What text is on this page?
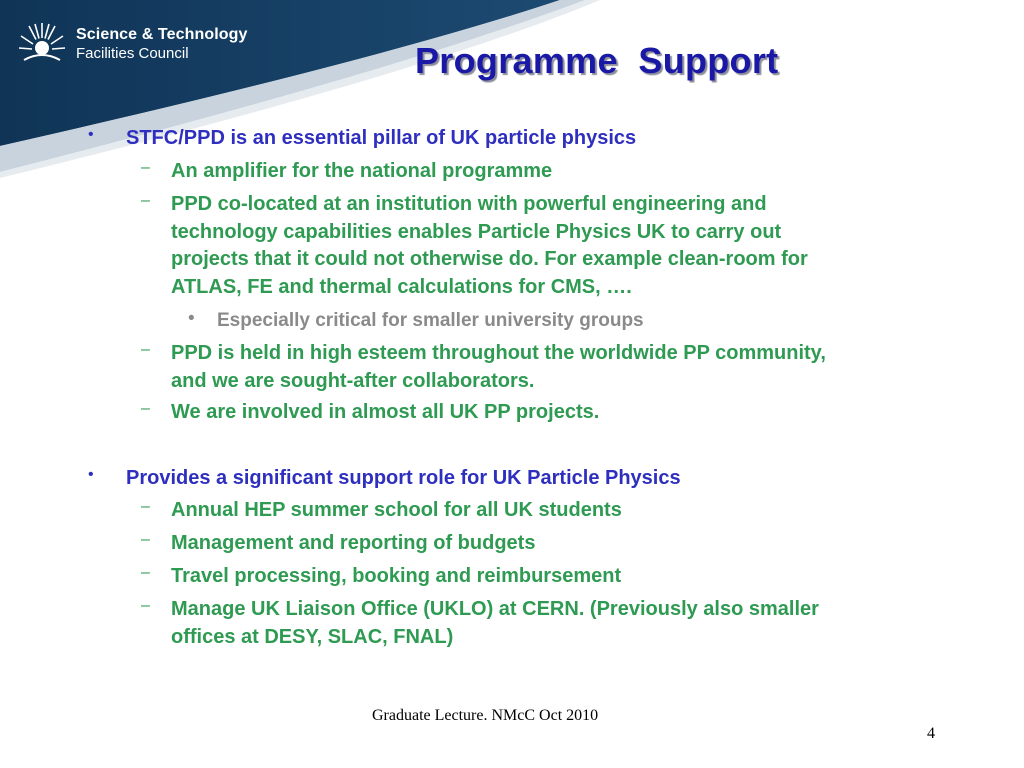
Science & Technology
Facilities Council	Programme  Support
• STFC/PPD is an essential pillar of UK particle physics
– An amplifier for the national programme
– PPD co-located at an institution with powerful engineering and
technology capabilities enables Particle Physics UK to carry out
projects that it could not otherwise do. For example clean-room for
ATLAS, FE and thermal calculations for CMS, ….
• Especially critical for smaller university groups
– PPD is held in high esteem throughout the worldwide PP community,
and we are sought-after collaborators.
– We are involved in almost all UK PP projects.
• Provides a significant support role for UK Particle Physics
– Annual HEP summer school for all UK students
– Management and reporting of budgets
– Travel processing, booking and reimbursement
– Manage UK Liaison Office (UKLO) at CERN. (Previously also smaller
offices at DESY, SLAC, FNAL)
Graduate Lecture. NMcC Oct 2010
4
